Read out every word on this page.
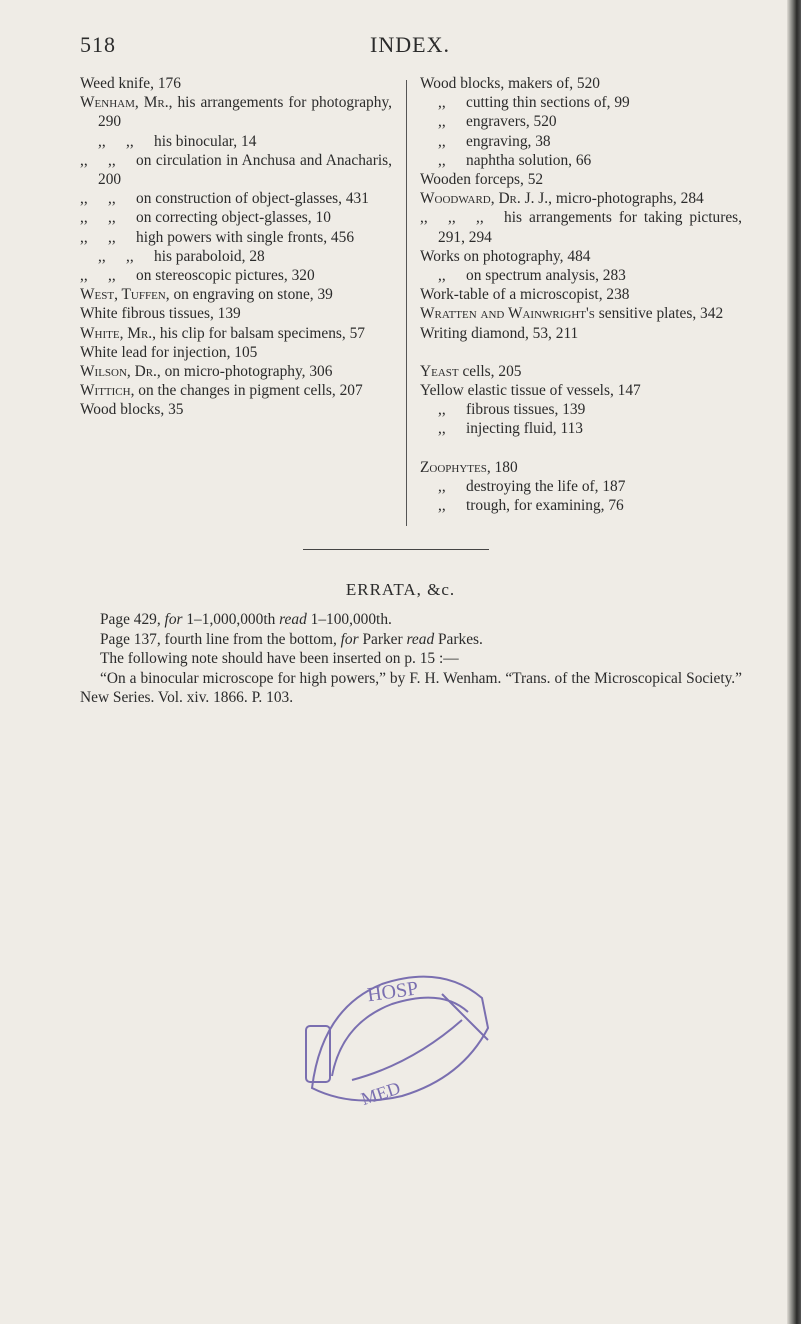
518	INDEX.

Weed knife, 176

Wenham, Mr., his arrangements for photography, 290

,, ,, his binocular, 14

,, ,, on circulation in Anchusa and Anacharis, 200

,, ,, on construction of object-glasses, 431

,, ,, on correcting object-glasses, 10

,, ,, high powers with single fronts, 456

,, ,, his paraboloid, 28

,, ,, on stereoscopic pictures, 320

West, Tuffen, on engraving on stone, 39

White fibrous tissues, 139

White, Mr., his clip for balsam specimens, 57

White lead for injection, 105

Wilson, Dr., on micro-photography, 306

Wittich, on the changes in pigment cells, 207

Wood blocks, 35

Wood blocks, makers of, 520

,, cutting thin sections of, 99

,, engravers, 520

,, engraving, 38

,, naphtha solution, 66

Wooden forceps, 52

Woodward, Dr. J. J., micro-photographs, 284

,, ,, ,, his arrangements for taking pictures, 291, 294

Works on photography, 484

,, on spectrum analysis, 283

Work-table of a microscopist, 238

Wratten and Wainwright's sensitive plates, 342

Writing diamond, 53, 211

Yeast cells, 205

Yellow elastic tissue of vessels, 147

,, fibrous tissues, 139

,, injecting fluid, 113

Zoophytes, 180

,, destroying the life of, 187

,, trough, for examining, 76

ERRATA, &c.

Page 429, for 1–1,000,000th read 1–100,000th.

Page 137, fourth line from the bottom, for Parker read Parkes.

The following note should have been inserted on p. 15 :—

“On a binocular microscope for high powers,” by F. H. Wenham. “Trans. of the Microscopical Society.” New Series. Vol. xiv. 1866. P. 103.

HOSP
MED
